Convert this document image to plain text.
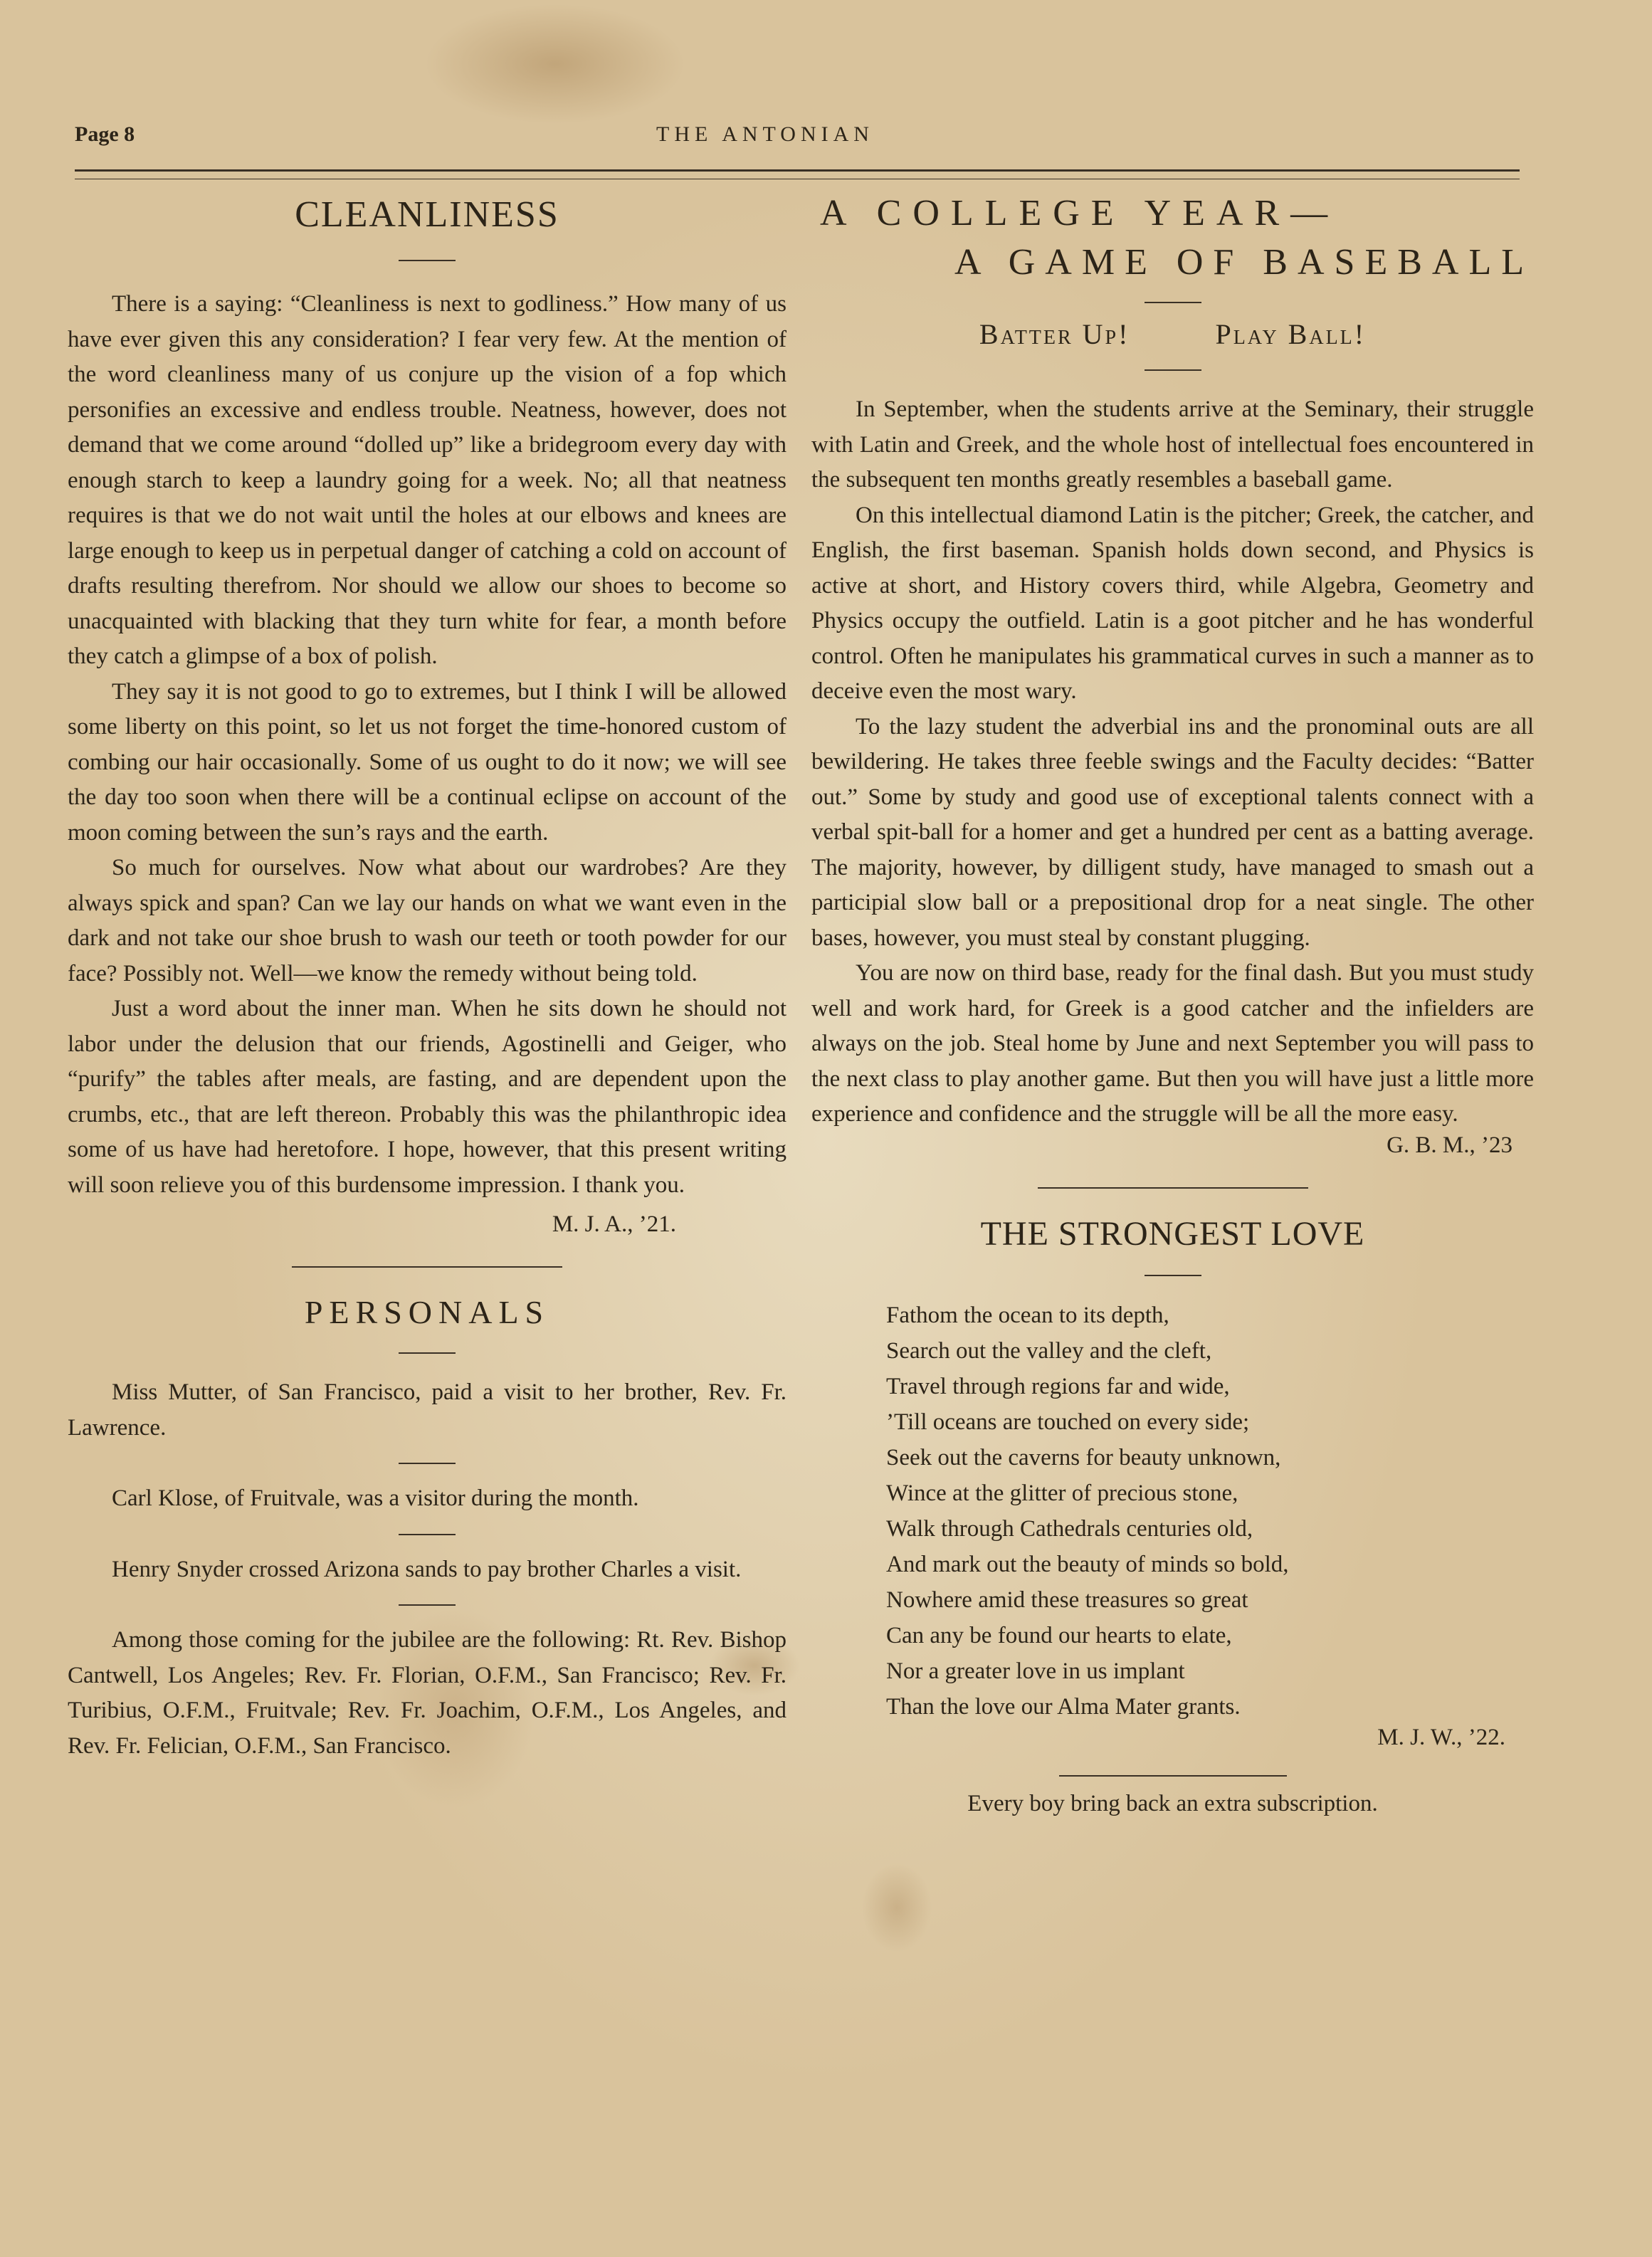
Page 8	THE ANTONIAN
CLEANLINESS

There is a saying: “Cleanliness is next to godliness.” How many of us have ever given this any consideration? I fear very few. At the mention of the word cleanliness many of us conjure up the vision of a fop which personifies an excessive and endless trouble. Neatness, however, does not demand that we come around “dolled up” like a bridegroom every day with enough starch to keep a laundry going for a week. No; all that neatness requires is that we do not wait until the holes at our elbows and knees are large enough to keep us in perpetual danger of catching a cold on account of drafts resulting therefrom. Nor should we allow our shoes to become so unacquainted with blacking that they turn white for fear, a month before they catch a glimpse of a box of polish.

They say it is not good to go to extremes, but I think I will be allowed some liberty on this point, so let us not forget the time-honored custom of combing our hair occasionally. Some of us ought to do it now; we will see the day too soon when there will be a continual eclipse on account of the moon coming between the sun’s rays and the earth.

So much for ourselves. Now what about our wardrobes? Are they always spick and span? Can we lay our hands on what we want even in the dark and not take our shoe brush to wash our teeth or tooth powder for our face? Possibly not. Well—we know the remedy without being told.

Just a word about the inner man. When he sits down he should not labor under the delusion that our friends, Agostinelli and Geiger, who “purify” the tables after meals, are fasting, and are dependent upon the crumbs, etc., that are left thereon. Probably this was the philanthropic idea some of us have had heretofore. I hope, however, that this present writing will soon relieve you of this burdensome impression. I thank you.

M. J. A., ’21.

PERSONALS

Miss Mutter, of San Francisco, paid a visit to her brother, Rev. Fr. Lawrence.

Carl Klose, of Fruitvale, was a visitor during the month.

Henry Snyder crossed Arizona sands to pay brother Charles a visit.

Among those coming for the jubilee are the following: Rt. Rev. Bishop Cantwell, Los Angeles; Rev. Fr. Florian, O.F.M., San Francisco; Rev. Fr. Turibius, O.F.M., Fruitvale; Rev. Fr. Joachim, O.F.M., Los Angeles, and Rev. Fr. Felician, O.F.M., San Francisco.

A COLLEGE YEAR—
A GAME OF BASEBALL
Batter Up!	Play Ball!

In September, when the students arrive at the Seminary, their struggle with Latin and Greek, and the whole host of intellectual foes encountered in the subsequent ten months greatly resembles a baseball game.

On this intellectual diamond Latin is the pitcher; Greek, the catcher, and English, the first baseman. Spanish holds down second, and Physics is active at short, and History covers third, while Algebra, Geometry and Physics occupy the outfield. Latin is a goot pitcher and he has wonderful control. Often he manipulates his grammatical curves in such a manner as to deceive even the most wary.

To the lazy student the adverbial ins and the pronominal outs are all bewildering. He takes three feeble swings and the Faculty decides: “Batter out.” Some by study and good use of exceptional talents connect with a verbal spit-ball for a homer and get a hundred per cent as a batting average. The majority, however, by dilligent study, have managed to smash out a participial slow ball or a prepositional drop for a neat single. The other bases, however, you must steal by constant plugging.

You are now on third base, ready for the final dash. But you must study well and work hard, for Greek is a good catcher and the infielders are always on the job. Steal home by June and next September you will pass to the next class to play another game. But then you will have just a little more experience and confidence and the struggle will be all the more easy.

G. B. M., ’23

THE STRONGEST LOVE
Fathom the ocean to its depth,
Search out the valley and the cleft,
Travel through regions far and wide,
’Till oceans are touched on every side;
Seek out the caverns for beauty unknown,
Wince at the glitter of precious stone,
Walk through Cathedrals centuries old,
And mark out the beauty of minds so bold,
Nowhere amid these treasures so great
Can any be found our hearts to elate,
Nor a greater love in us implant
Than the love our Alma Mater grants.

M. J. W., ’22.

Every boy bring back an extra subscription.
